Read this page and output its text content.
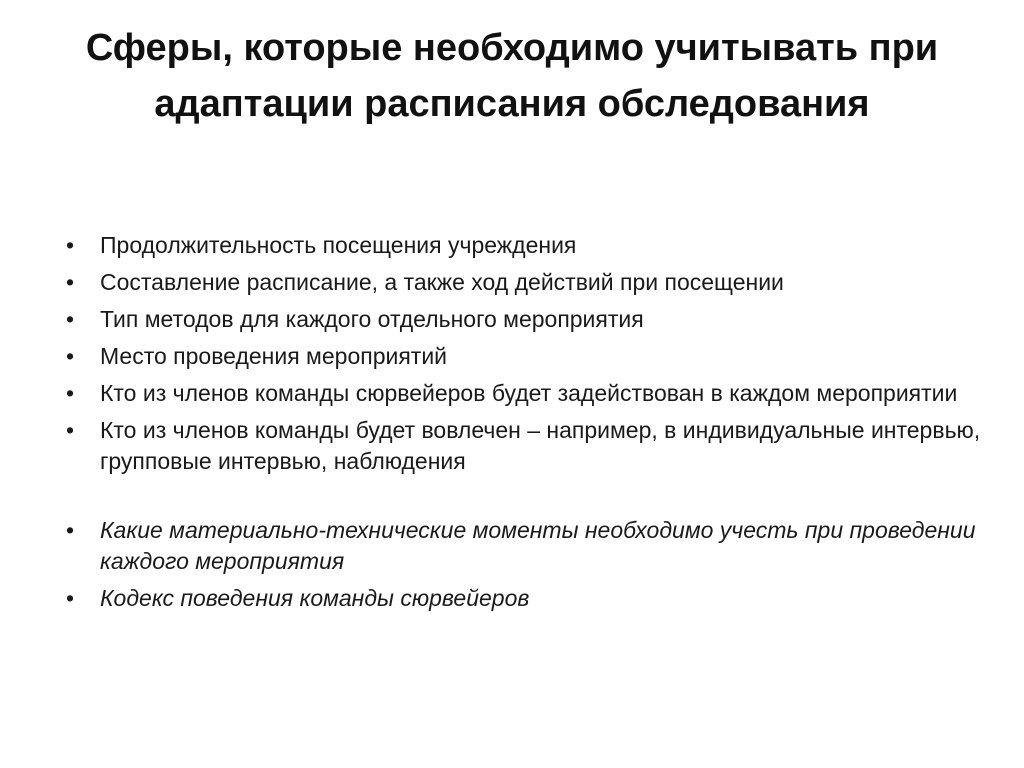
Сферы, которые необходимо учитывать при адаптации расписания обследования
• Продолжительность посещения учреждения
• Составление расписание, а также ход действий при посещении
• Тип методов для каждого отдельного мероприятия
• Место проведения мероприятий
• Кто из членов команды сюрвейеров будет задействован в каждом мероприятии
• Кто из членов команды будет вовлечен – например, в индивидуальные интервью, групповые интервью, наблюдения
• Какие материально-технические моменты необходимо учесть при проведении каждого мероприятия
• Кодекс поведения команды сюрвейеров
